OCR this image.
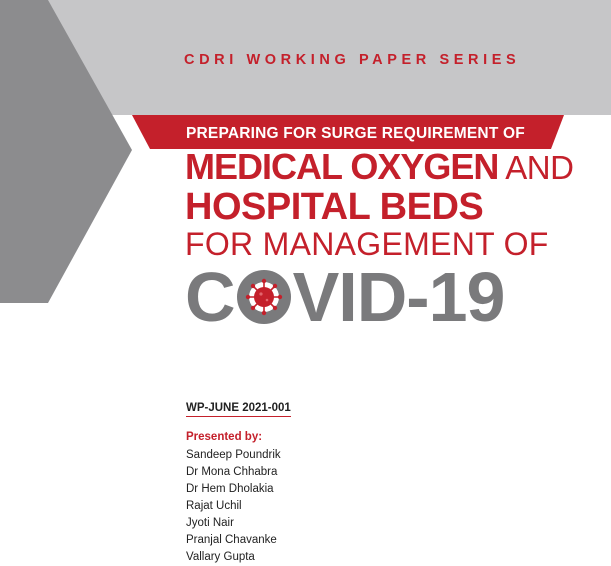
CDRI WORKING PAPER SERIES
PREPARING FOR SURGE REQUIREMENT OF
MEDICAL OXYGEN AND
HOSPITAL BEDS
FOR MANAGEMENT OF
C VID-19
WP-JUNE 2021-001
Presented by:
Sandeep Poundrik
Dr Mona Chhabra
Dr Hem Dholakia
Rajat Uchil
Jyoti Nair
Pranjal Chavanke
Vallary Gupta
